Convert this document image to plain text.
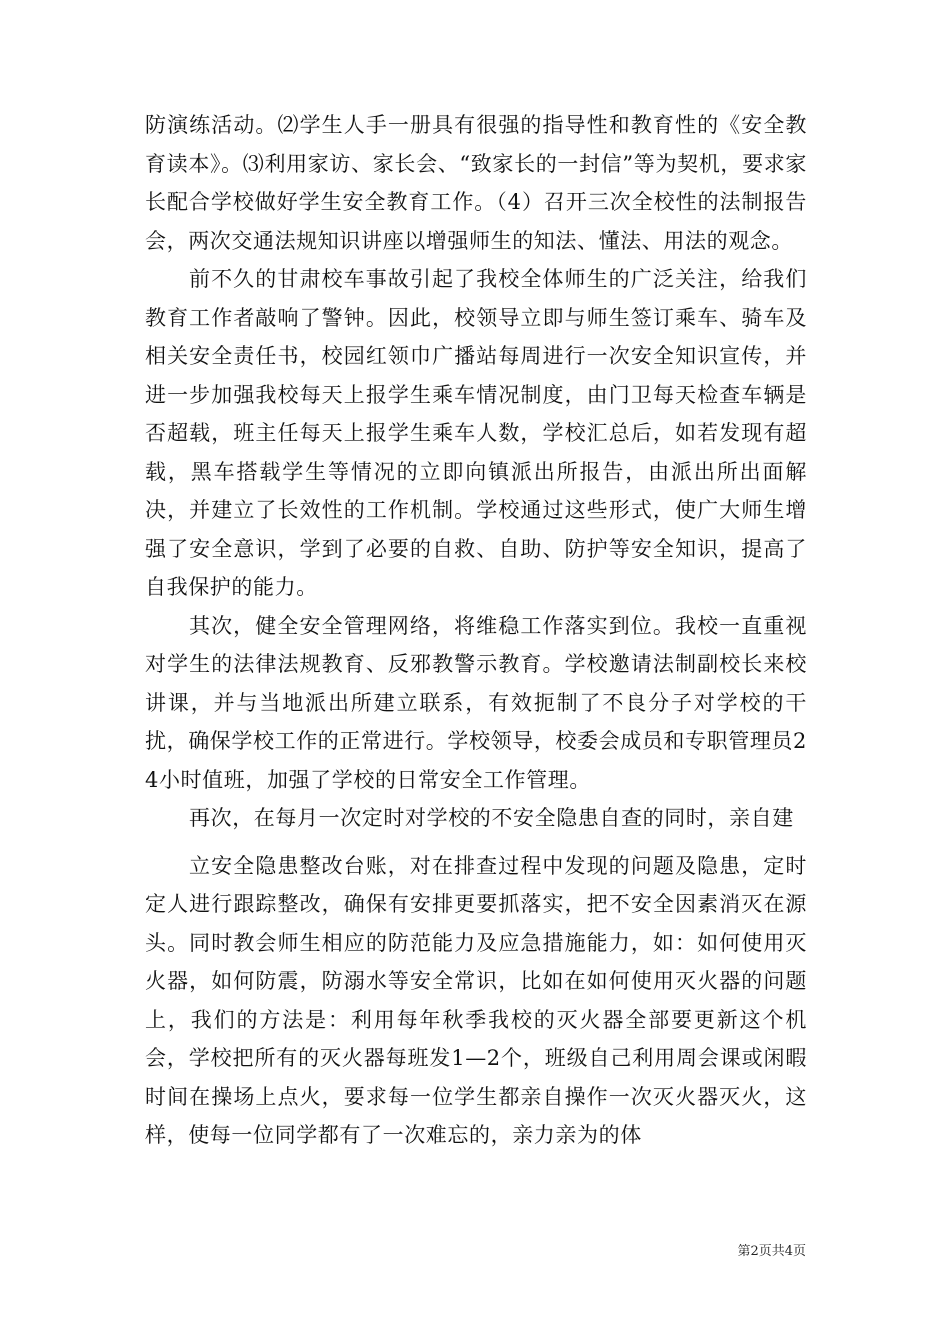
防演练活动。⑵学生人手一册具有很强的指导性和教育性的《安全教育读本》。⑶利用家访、家长会、“致家长的一封信”等为契机，要求家长配合学校做好学生安全教育工作。（4）召开三次全校性的法制报告会，两次交通法规知识讲座以增强师生的知法、懂法、用法的观念。

前不久的甘肃校车事故引起了我校全体师生的广泛关注，给我们教育工作者敲响了警钟。因此，校领导立即与师生签订乘车、骑车及相关安全责任书，校园红领巾广播站每周进行一次安全知识宣传，并进一步加强我校每天上报学生乘车情况制度，由门卫每天检查车辆是否超载，班主任每天上报学生乘车人数，学校汇总后，如若发现有超载，黑车搭载学生等情况的立即向镇派出所报告，由派出所出面解决，并建立了长效性的工作机制。学校通过这些形式，使广大师生增强了安全意识，学到了必要的自救、自助、防护等安全知识，提高了自我保护的能力。

其次，健全安全管理网络，将维稳工作落实到位。我校一直重视对学生的法律法规教育、反邪教警示教育。学校邀请法制副校长来校讲课，并与当地派出所建立联系，有效扼制了不良分子对学校的干扰，确保学校工作的正常进行。学校领导，校委会成员和专职管理员24小时值班，加强了学校的日常安全工作管理。

再次，在每月一次定时对学校的不安全隐患自查的同时，亲自建

立安全隐患整改台账，对在排查过程中发现的问题及隐患，定时定人进行跟踪整改，确保有安排更要抓落实，把不安全因素消灭在源头。同时教会师生相应的防范能力及应急措施能力，如：如何使用灭火器，如何防震，防溺水等安全常识，比如在如何使用灭火器的问题上，我们的方法是：利用每年秋季我校的灭火器全部要更新这个机会，学校把所有的灭火器每班发1—2个，班级自己利用周会课或闲暇时间在操场上点火，要求每一位学生都亲自操作一次灭火器灭火，这样，使每一位同学都有了一次难忘的，亲力亲为的体

第2页共4页
